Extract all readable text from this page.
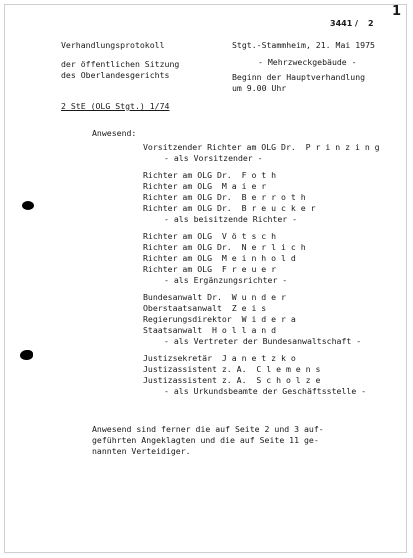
3441 / 2
1
Verhandlungsprotokoll
der öffentlichen Sitzung
des Oberlandesgerichts
Stgt.-Stammheim, 21. Mai 1975
- Mehrzweckgebäude -
Beginn der Hauptverhandlung
um 9.00 Uhr
2 StE (OLG Stgt.) 1/74
Anwesend:
Vorsitzender Richter am OLG Dr.  P r i n z i n g
- als Vorsitzender -
Richter am OLG Dr.  F o t h
Richter am OLG  M a i e r
Richter am OLG Dr.  B e r r o t h
Richter am OLG Dr.  B r e u c k e r
- als beisitzende Richter -
Richter am OLG  V ö t s c h
Richter am OLG Dr.  N e r l i c h
Richter am OLG  M e i n h o l d
Richter am OLG  F r e u e r
- als Ergänzungsrichter -
Bundesanwalt Dr.  W u n d e r
Oberstaatsanwalt  Z e i s
Regierungsdirektor  W i d e r a
Staatsanwalt  H o l l a n d
- als Vertreter der Bundesanwaltschaft -
Justizsekretär  J a n e t z k o
Justizassistent z. A.  C l e m e n s
Justizassistent z. A.  S c h o l z e
- als Urkundsbeamte der Geschäftsstelle -
Anwesend sind ferner die auf Seite 2 und 3 auf-
geführten Angeklagten und die auf Seite 11 ge-
nannten Verteidiger.
